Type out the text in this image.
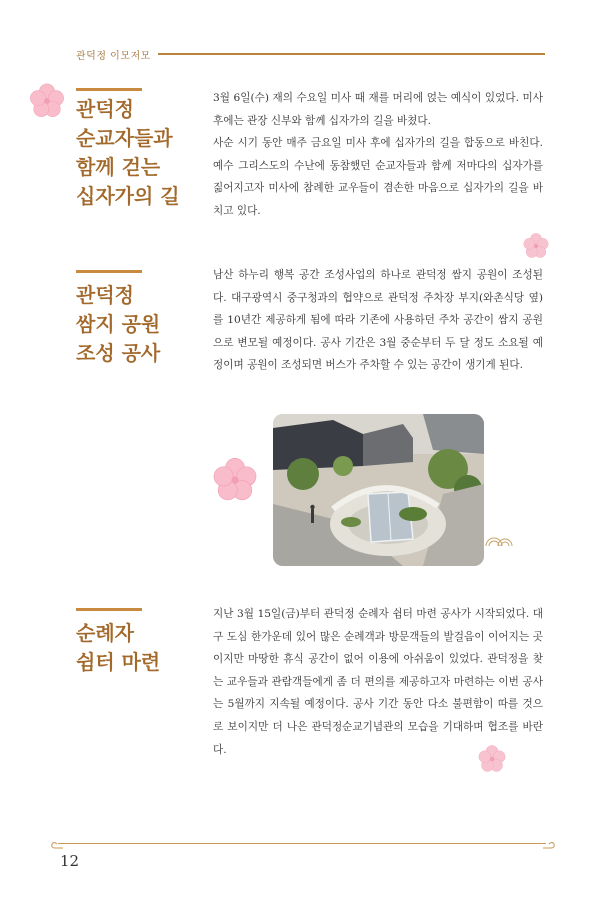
관덕정 이모저모
관덕정
순교자들과
함께 걷는
십자가의 길

3월 6일(수) 재의 수요일 미사 때 재를 머리에 얹는 예식이 있었다. 미사 후에는 관장 신부와 함께 십자가의 길을 바쳤다.

사순 시기 동안 매주 금요일 미사 후에 십자가의 길을 합동으로 바친다. 예수 그리스도의 수난에 동참했던 순교자들과 함께 저마다의 십자가를 짊어지고자 미사에 참례한 교우들이 겸손한 마음으로 십자가의 길을 바치고 있다.

관덕정
쌈지 공원
조성 공사

남산 하누리 행복 공간 조성사업의 하나로 관덕정 쌈지 공원이 조성된다. 대구광역시 중구청과의 협약으로 관덕정 주차장 부지(와촌식당 옆)를 10년간 제공하게 됨에 따라 기존에 사용하던 주차 공간이 쌈지 공원으로 변모될 예정이다. 공사 기간은 3월 중순부터 두 달 정도 소요될 예정이며 공원이 조성되면 버스가 주차할 수 있는 공간이 생기게 된다.

순례자
쉼터 마련

지난 3월 15일(금)부터 관덕정 순례자 쉼터 마련 공사가 시작되었다. 대구 도심 한가운데 있어 많은 순례객과 방문객들의 발걸음이 이어지는 곳이지만 마땅한 휴식 공간이 없어 이용에 아쉬움이 있었다. 관덕정을 찾는 교우들과 관람객들에게 좀 더 편의를 제공하고자 마련하는 이번 공사는 5월까지 지속될 예정이다. 공사 기간 동안 다소 불편함이 따를 것으로 보이지만 더 나은 관덕정순교기념관의 모습을 기대하며 협조를 바란다.

12
